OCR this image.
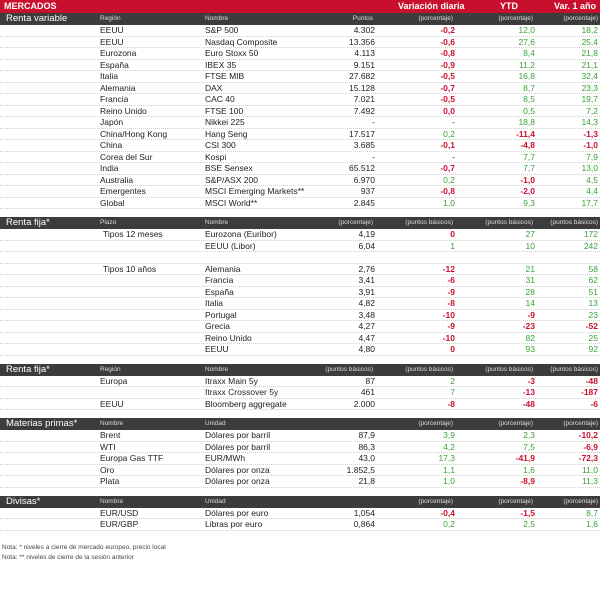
MERCADOS	Variación diaria	YTD	Var. 1 año
Renta variable	Región	Nombre	Puntos	(porcentaje)	(porcentaje)	(porcentaje)
EEUU	S&P 500	4.302	-0,2	12,0	18,2
EEUU	Nasdaq Composite	13.356	-0,6	27,6	25,4
Eurozona	Euro Stoxx 50	4.113	-0,8	8,4	21,8
España	IBEX 35	9.151	-0,9	11,2	21,1
Italia	FTSE MIB	27.682	-0,5	16,8	32,4
Alemania	DAX	15.128	-0,7	8,7	23,3
Francia	CAC 40	7.021	-0,5	8,5	19,7
Reino Unido	FTSE 100	7.492	0,0	0,5	7,2
Japón	Nikkei 225	-	-	18,8	14,3
China/Hong Kong	Hang Seng	17.517	0,2	-11,4	-1,3
China	CSI 300	3.685	-0,1	-4,8	-1,0
Corea del Sur	Kospi	-	-	7,7	7,9
India	BSE Sensex	65.512	-0,7	7,7	13,0
Australia	S&P/ASX 200	6.970	0,2	-1,0	4,5
Emergentes	MSCI Emerging Markets**	937	-0,8	-2,0	4,4
Global	MSCI World**	2.845	1,0	9,3	17,7
Renta fija*	Plazo	Nombre	(porcentaje)	(puntos básicos)	(puntos básicos)	(puntos básicos)
Tipos 12 meses	Eurozona (Euribor)	4,19	0	27	172
EEUU (Libor)	6,04	1	10	242
Tipos 10 años	Alemania	2,76	-12	21	58
Francia	3,41	-6	31	62
España	3,91	-9	28	51
Italia	4,82	-8	14	13
Portugal	3,48	-10	-9	23
Grecia	4,27	-9	-23	-52
Reino Unido	4,47	-10	82	25
EEUU	4,80	0	93	92
Renta fija*	Región	Nombre	(puntos básicos)	(puntos básicos)	(puntos básicos)	(puntos básicos)
Europa	Itraxx Main 5y	87	2	-3	-48
Itraxx Crossover 5y	461	7	-13	-187
EEUU	Bloomberg aggregate	2.000	-8	-48	-6
Materias primas*	Nombre	Unidad	(porcentaje)	(porcentaje)	(porcentaje)
Brent	Dólares por barril	87,9	3,9	2,3	-10,2
WTI	Dólares por barril	86,3	4,2	7,5	-6,9
Europa Gas TTF	EUR/MWh	43,0	17,3	-41,9	-72,3
Oro	Dólares por onza	1.852,5	1,1	1,6	11,0
Plata	Dólares por onza	21,8	1,0	-8,9	11,3
Divisas*	Nombre	Unidad	(porcentaje)	(porcentaje)	(porcentaje)
EUR/USD	Dólares por euro	1,054	-0,4	-1,5	8,7
EUR/GBP	Libras por euro	0,864	0,2	2,5	1,6
Nota: * niveles a cierre de mercado europeo, precio local
Nota: ** niveles de cierre de la sesión anterior
